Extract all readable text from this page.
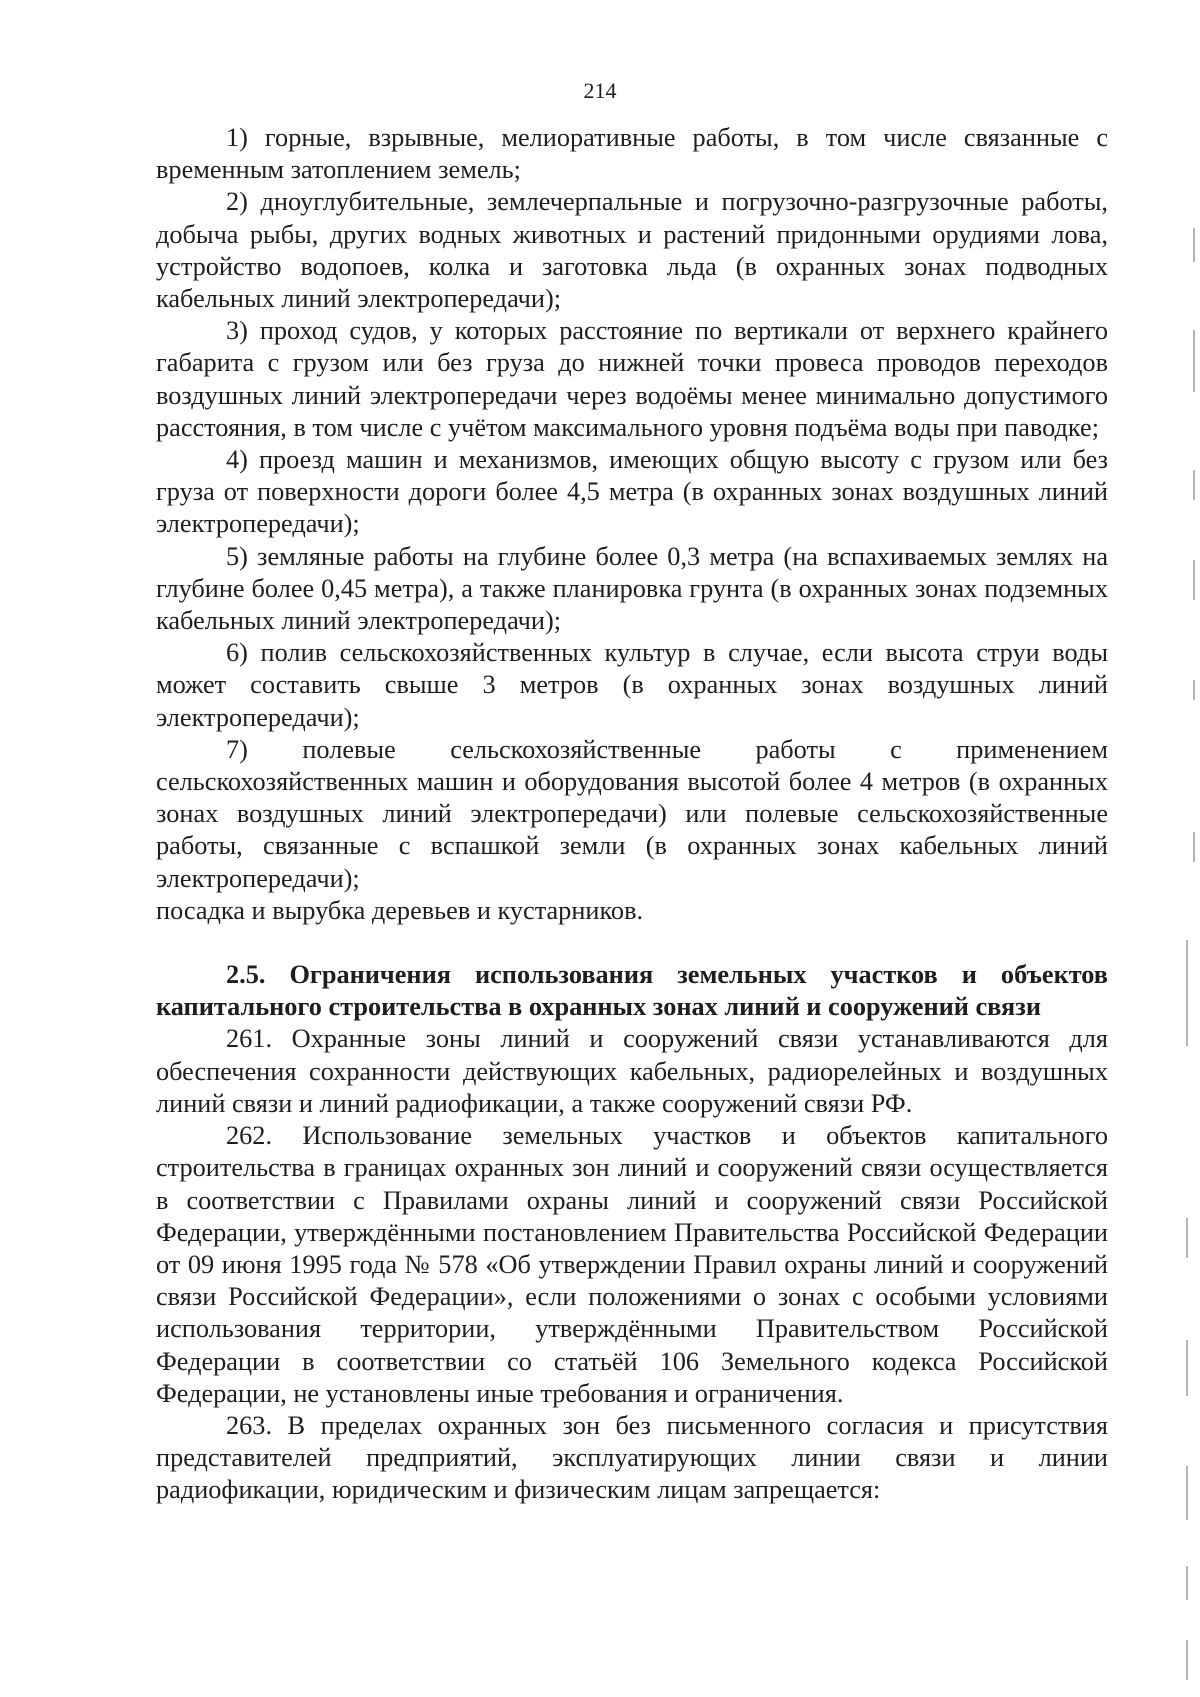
214

1) горные, взрывные, мелиоративные работы, в том числе связанные с временным затоплением земель;

2) дноуглубительные, землечерпальные и погрузочно-разгрузочные работы, добыча рыбы, других водных животных и растений придонными орудиями лова, устройство водопоев, колка и заготовка льда (в охранных зонах подводных кабельных линий электропередачи);

3) проход судов, у которых расстояние по вертикали от верхнего крайнего габарита с грузом или без груза до нижней точки провеса проводов переходов воздушных линий электропередачи через водоёмы менее минимально допустимого расстояния, в том числе с учётом максимального уровня подъёма воды при паводке;

4) проезд машин и механизмов, имеющих общую высоту с грузом или без груза от поверхности дороги более 4,5 метра (в охранных зонах воздушных линий электропередачи);

5) земляные работы на глубине более 0,3 метра (на вспахиваемых землях на глубине более 0,45 метра), а также планировка грунта (в охранных зонах подземных кабельных линий электропередачи);

6) полив сельскохозяйственных культур в случае, если высота струи воды может составить свыше 3 метров (в охранных зонах воздушных линий электропередачи);

7) полевые сельскохозяйственные работы с применением сельскохозяйственных машин и оборудования высотой более 4 метров (в охранных зонах воздушных линий электропередачи) или полевые сельскохозяйственные работы, связанные с вспашкой земли (в охранных зонах кабельных линий электропередачи);

посадка и вырубка деревьев и кустарников.

2.5. Ограничения использования земельных участков и объектов капитального строительства в охранных зонах линий и сооружений связи

261. Охранные зоны линий и сооружений связи устанавливаются для обеспечения сохранности действующих кабельных, радиорелейных и воздушных линий связи и линий радиофикации, а также сооружений связи РФ.

262. Использование земельных участков и объектов капитального строительства в границах охранных зон линий и сооружений связи осуществляется в соответствии с Правилами охраны линий и сооружений связи Российской Федерации, утверждёнными постановлением Правительства Российской Федерации от 09 июня 1995 года № 578 «Об утверждении Правил охраны линий и сооружений связи Российской Федерации», если положениями о зонах с особыми условиями использования территории, утверждёнными Правительством Российской Федерации в соответствии со статьёй 106 Земельного кодекса Российской Федерации, не установлены иные требования и ограничения.

263. В пределах охранных зон без письменного согласия и присутствия представителей предприятий, эксплуатирующих линии связи и линии радиофикации, юридическим и физическим лицам запрещается:
